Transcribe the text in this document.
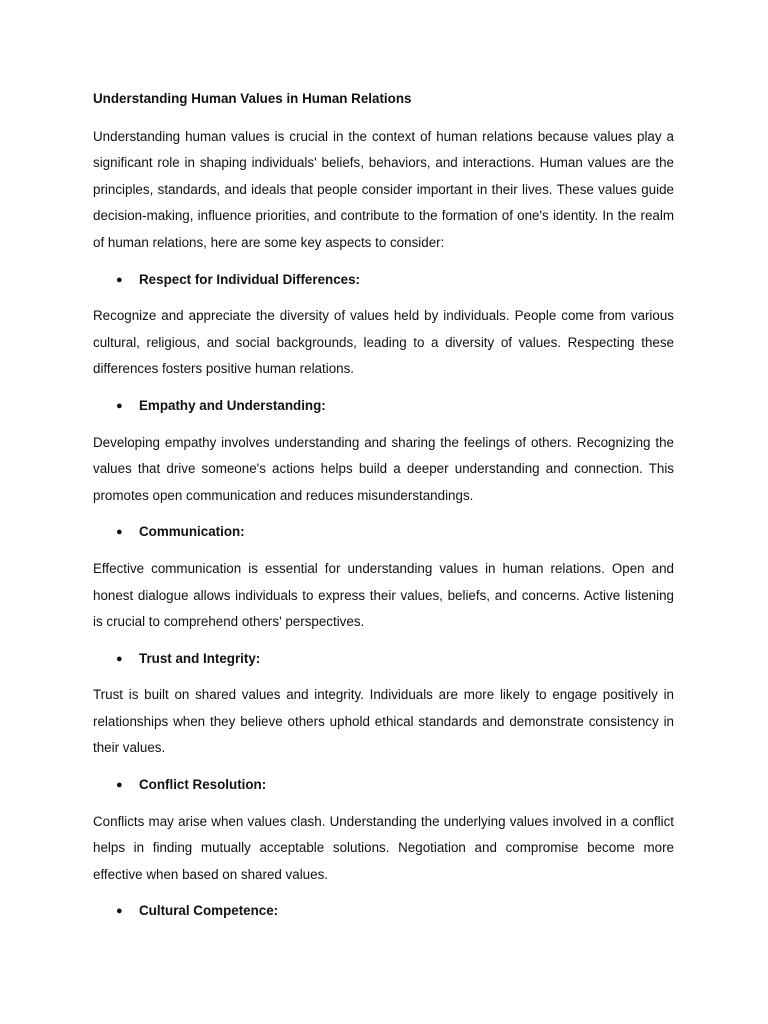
Understanding Human Values in Human Relations

Understanding human values is crucial in the context of human relations because values play a significant role in shaping individuals' beliefs, behaviors, and interactions. Human values are the principles, standards, and ideals that people consider important in their lives. These values guide decision-making, influence priorities, and contribute to the formation of one's identity. In the realm of human relations, here are some key aspects to consider:

● Respect for Individual Differences:

Recognize and appreciate the diversity of values held by individuals. People come from various cultural, religious, and social backgrounds, leading to a diversity of values. Respecting these differences fosters positive human relations.

● Empathy and Understanding:

Developing empathy involves understanding and sharing the feelings of others. Recognizing the values that drive someone's actions helps build a deeper understanding and connection. This promotes open communication and reduces misunderstandings.

● Communication:

Effective communication is essential for understanding values in human relations. Open and honest dialogue allows individuals to express their values, beliefs, and concerns. Active listening is crucial to comprehend others' perspectives.

● Trust and Integrity:

Trust is built on shared values and integrity. Individuals are more likely to engage positively in relationships when they believe others uphold ethical standards and demonstrate consistency in their values.

● Conflict Resolution:

Conflicts may arise when values clash. Understanding the underlying values involved in a conflict helps in finding mutually acceptable solutions. Negotiation and compromise become more effective when based on shared values.

● Cultural Competence:
